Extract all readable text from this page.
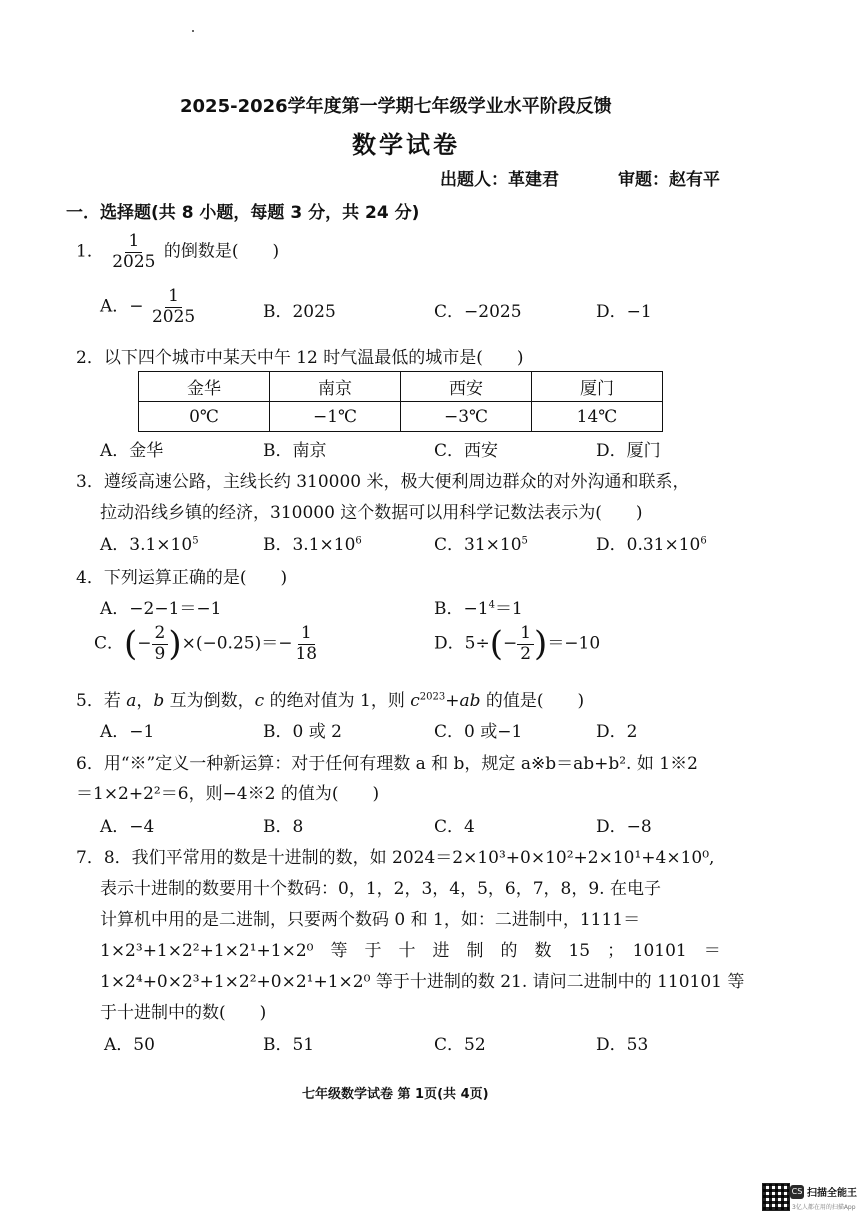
2025-2026学年度第一学期七年级学业水平阶段反馈
数学试卷
出题人：革建君	审题：赵有平
一．选择题(共 8 小题，每题 3 分，共 24 分)
1． $\frac{1}{2025}$ 的倒数是(　　)
A．− $\frac{1}{2025}$	B．2025	C．−2025	D．−1
2．以下四个城市中某天中午 12 时气温最低的城市是(　　)
金华	南京	西安	厦门
0℃	−1℃	−3℃	14℃
A．金华	B．南京	C．西安	D．厦门
3．遵绥高速公路，主线长约 310000 米，极大便利周边群众的对外沟通和联系，
拉动沿线乡镇的经济，310000 这个数据可以用科学记数法表示为(　　)
A．$3.1\times 10^5$	B．$3.1\times 10^6$	C．$31\times 10^5$	D．$0.31\times 10^6$
4．下列运算正确的是(　　)
A．−2−1＝−1	B．$-1^4=1$
C．(− $\frac{2}{9} )\times(-0.25)=- \frac{1}{18}$	D．$5\div(- \frac{1}{2} )=-10$
5．若 a，b 互为倒数，c 的绝对值为 1，则 $c^{2023}+ab$ 的值是(　　)
A．−1	B．0 或 2	C．0 或−1	D．2
6．用“※”定义一种新运算：对于任何有理数 a 和 b，规定 a※b＝ab+b². 如 1※2
＝1×2+2²＝6，则−4※2 的值为(　　)
A．−4	B．8	C．4	D．−8
7．8．我们平常用的数是十进制的数，如 2024＝2×10³+0×10²+2×10¹+4×10⁰,
表示十进制的数要用十个数码：0，1，2，3，4，5，6，7，8，9. 在电子
计算机中用的是二进制，只要两个数码 0 和 1，如：二进制中，1111＝
1×2³+1×2²+1×2¹+1×2⁰　等　于　十　进　制　的　数　15　；　10101　＝
1×2⁴+0×2³+1×2²+0×2¹+1×2⁰ 等于十进制的数 21. 请问二进制中的 110101 等
于十进制中的数(　　)
A．50	B．51	C．52	D．53
七年级数学试卷 第 1页(共 4页)
CS 扫描全能王
3亿人都在用的扫描App
